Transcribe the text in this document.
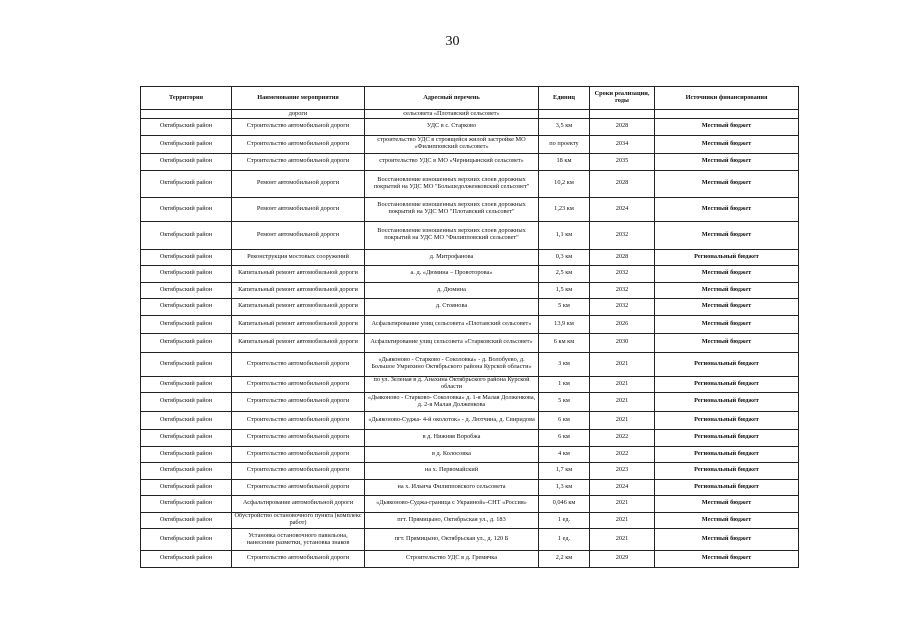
30
Территория	Наименование мероприятия	Адресный перечень	Единиц	Сроки реализации, годы	Источники финансирования
	дороги	сельсовета «Плотавский сельсовет»			
Октябрьский район	Строительство автомобильной дороги	УДС в с. Старково	3,5 км	2028	Местный бюджет
Октябрьский район	Строительство автомобильной дороги	строительство УДС в строящейся жилой застройке МО «Филипповский сельсовет»	по проекту	2034	Местный бюджет
Октябрьский район	Строительство автомобильной дороги	строительство УДС в МО «Черницынский сельсовет»	18 км	2035	Местный бюджет
Октябрьский район	Ремонт автомобильной дороги	Восстановление изношенных верхних слоев дорожных покрытий на УДС МО "Большедолженковский сельсовет"	10,2 км	2028	Местный бюджет
Октябрьский район	Ремонт автомобильной дороги	Восстановление изношенных верхних слоев дорожных покрытий на УДС МО "Плотавский сельсовет"	1,23 км	2024	Местный бюджет
Октябрьский район	Ремонт автомобильной дороги	Восстановление изношенных верхних слоев дорожных покрытий на УДС МО "Филипповский сельсовет"	1,1 км	2032	Местный бюджет
Октябрьский район	Реконструкция мостовых сооружений	д. Митрофанова	0,3 км	2028	Региональный бюджет
Октябрьский район	Капитальный ремонт автомобильной дороги	а. д. «Дюмина – Провоторова»	2,5 км	2032	Местный бюджет
Октябрьский район	Капитальный ремонт автомобильной дороги	д. Дюмина	1,5 км	2032	Местный бюджет
Октябрьский район	Капитальный ремонт автомобильной дороги	д. Стоянова	5 км	2032	Местный бюджет
Октябрьский район	Капитальный ремонт автомобильной дороги	Асфальтирование улиц сельсовета «Плотавский сельсовет»	13,9 км	2026	Местный бюджет
Октябрьский район	Капитальный ремонт автомобильной дороги	Асфальтирование улиц сельсовета «Старковский сельсовет»	6 км км	2030	Местный бюджет
Октябрьский район	Строительство автомобильной дороги	«Дьяконово - Старково - Соколовка» - д. Волобуево, д. Большое Умрихино Октябрьского района Курской области»	3 км	2021	Региональный бюджет
Октябрьский район	Строительство автомобильной дороги	по ул. Зеленая в д. Анахина Октябрьского района Курской области	1 км	2021	Региональный бюджет
Октябрьский район	Строительство автомобильной дороги	«Дьяконово - Старково- Соколовка» д. 1-я Малая Долженкова, д. 2-я Малая Долженкова	5 км	2021	Региональный бюджет
Октябрьский район	Строительство автомобильной дороги	«Дьяконово-Суджа- 4-й околоток» - д. Лютчина, д. Свиридова	6 км	2021	Региональный бюджет
Октябрьский район	Строительство автомобильной дороги	в д. Нижняя Воробжа	6 км	2022	Региональный бюджет
Октябрьский район	Строительство автомобильной дороги	в д. Колосовка	4 км	2022	Региональный бюджет
Октябрьский район	Строительство автомобильной дороги	на х. Первомайский	1,7 км	2023	Региональный бюджет
Октябрьский район	Строительство автомобильной дороги	на х. Ильича Филипповского сельсовета	1,3 км	2024	Региональный бюджет
Октябрьский район	Асфальтирование автомобильной дороги	«Дьяконово-Суджа-граница с Украиной»-СНТ «Россия»	0,046 км	2021	Местный бюджет
Октябрьский район	Обустройство остановочного пункта (комплекс работ)	пгт. Прямицыно, Октябрьская ул., д. 183	1 ед.	2021	Местный бюджет
Октябрьский район	Установка остановочного павильона, нанесение разметки, установка знаков	пгт. Прямицыно, Октябрьская ул., д. 120 Б	1 ед.	2021	Местный бюджет
Октябрьский район	Строительство автомобильной дороги	Строительство УДС в д. Гремячка	2,2 км	2029	Местный бюджет
